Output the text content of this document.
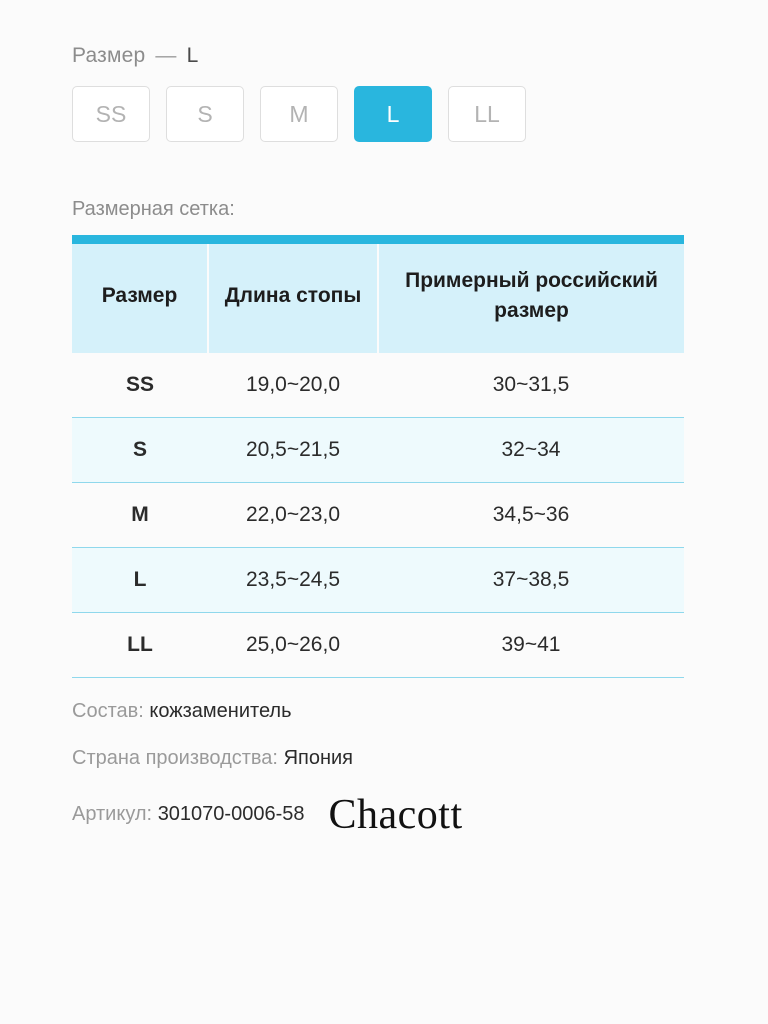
Размер — L
SS	S	M	L	LL
Размерная сетка:
Размер	Длина стопы	Примерный российский размер
SS	19,0~20,0	30~31,5
S	20,5~21,5	32~34
M	22,0~23,0	34,5~36
L	23,5~24,5	37~38,5
LL	25,0~26,0	39~41
Состав: кожзаменитель
Страна производства: Япония
Артикул: 301070-0006-58 Chacott
